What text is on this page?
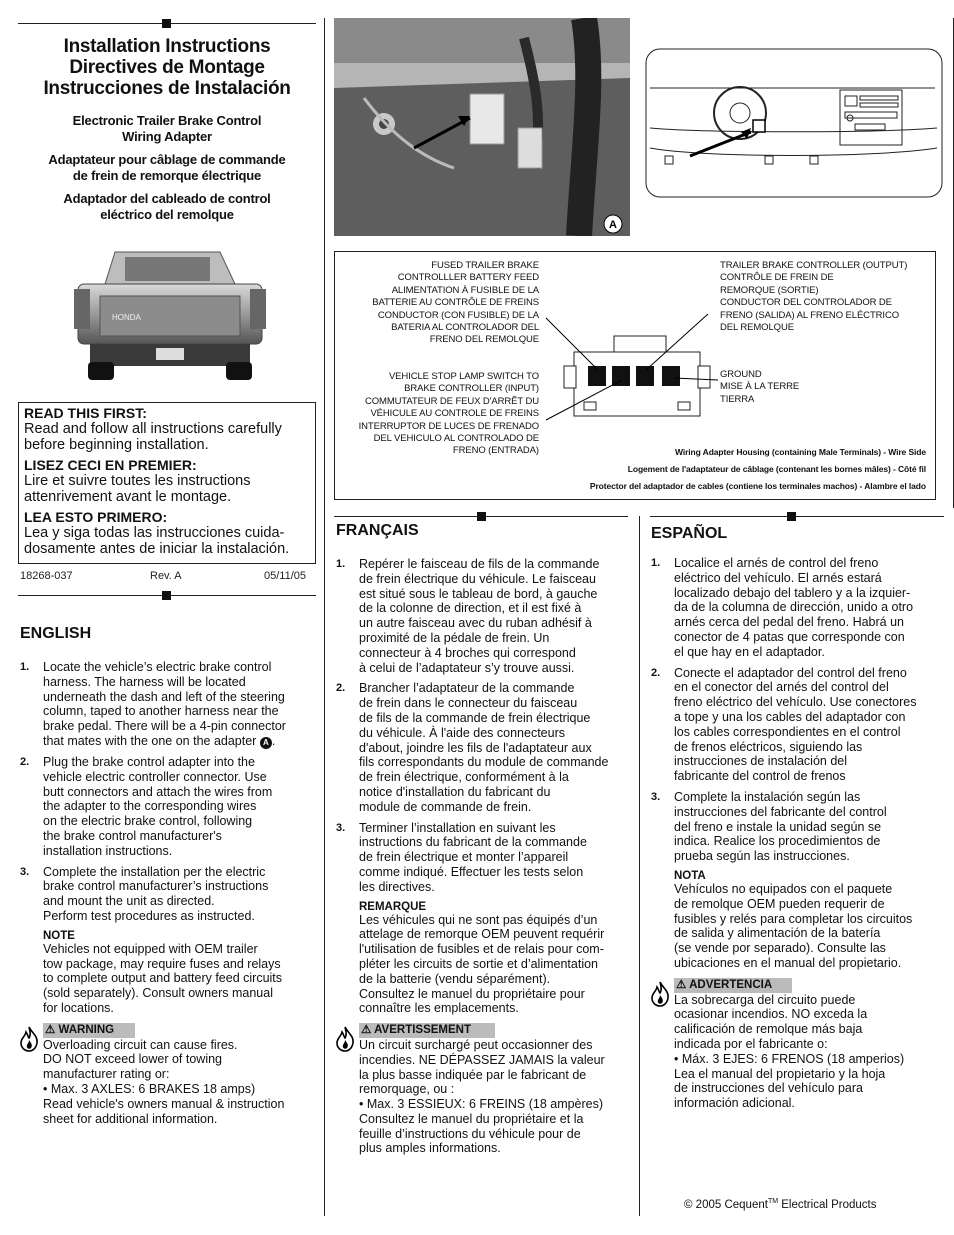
Installation Instructions
Directives de Montage
Instrucciones de Instalación
Electronic Trailer Brake Control
Wiring Adapter
Adaptateur pour câblage de commande
de frein de remorque électrique
Adaptador del cableado de control
eléctrico del remolque
HONDA
READ THIS FIRST:
Read and follow all instructions carefully
before beginning installation.
LISEZ CECI EN PREMIER:
Lire et suivre toutes les instructions
attenrivement avant le montage.
LEA ESTO PRIMERO:
Lea y siga todas las instrucciones cuida-
dosamente antes de iniciar la instalación.
18268-037	Rev. A	05/11/05
A
FUSED TRAILER BRAKE
CONTROLLLER BATTERY FEED
ALIMENTATION À FUSIBLE DE LA
BATTERIE AU CONTRÔLE DE FREINS
CONDUCTOR (CON FUSIBLE) DE LA
BATERIA AL CONTROLADOR DEL
FRENO DEL REMOLQUE
VEHICLE STOP LAMP SWITCH TO
BRAKE CONTROLLER (INPUT)
COMMUTATEUR DE FEUX D'ARRÊT DU
VÉHICULE AU CONTROLE DE FREINS
INTERRUPTOR DE LUCES DE FRENADO
DEL VEHICULO AL CONTROLADO DE
FRENO (ENTRADA)
TRAILER BRAKE CONTROLLER (OUTPUT)
CONTRÔLE DE FREIN DE
REMORQUE (SORTIE)
CONDUCTOR DEL CONTROLADOR DE
FRENO (SALIDA) AL FRENO ELÉCTRICO
DEL REMOLQUE
GROUND
MISE À LA TERRE
TIERRA
Wiring Adapter Housing (containing Male Terminals) - Wire Side
Logement de l'adaptateur de câblage (contenant les bornes mâles) - Côté fil
Protector del adaptador de cables (contiene los terminales machos) - Alambre el lado
ENGLISH
1. Locate the vehicle’s electric brake control
harness. The harness will be located
underneath the dash and left of the steering
column, taped to another harness near the
brake pedal. There will be a 4-pin connector
that mates with the one on the adapter A .
2. Plug the brake control adapter into the
vehicle electric controller connector. Use
butt connectors and attach the wires from
the adapter to the corresponding wires
on the electric brake control, following
the brake control manufacturer's
installation instructions.
3. Complete the installation per the electric
brake control manufacturer’s instructions
and mount the unit as directed.
Perform test procedures as instructed.
NOTE
Vehicles not equipped with OEM trailer
tow package, may require fuses and relays
to complete output and battery feed circuits
(sold separately). Consult owners manual
for locations.
⚠ WARNING
Overloading circuit can cause fires.
DO NOT exceed lower of towing
manufacturer rating or:
• Max. 3 AXLES: 6 BRAKES 18 amps)
Read vehicle's owners manual & instruction
sheet for additional information.
FRANÇAIS
1. Repérer le faisceau de fils de la commande
de frein électrique du véhicule. Le faisceau
est situé sous le tableau de bord, à gauche
de la colonne de direction, et il est fixé à
un autre faisceau avec du ruban adhésif à
proximité de la pédale de frein. Un
connecteur à 4 broches qui correspond
à celui de l’adaptateur s’y trouve aussi.
2. Brancher l’adaptateur de la commande
de frein dans le connecteur du faisceau
de fils de la commande de frein électrique
du véhicule. À l'aide des connecteurs
d'about, joindre les fils de l'adaptateur aux
fils correspondants du module de commande
de frein électrique, conformément à la
notice d'installation du fabricant du
module de commande de frein.
3. Terminer l’installation en suivant les
instructions du fabricant de la commande
de frein électrique et monter l’appareil
comme indiqué. Effectuer les tests selon
les directives.
REMARQUE
Les véhicules qui ne sont pas équipés d’un
attelage de remorque OEM peuvent requérir
l'utilisation de fusibles et de relais pour com-
pléter les circuits de sortie et d’alimentation
de la batterie (vendu séparément).
Consultez le manuel du propriétaire pour
connaître les emplacements.
⚠ AVERTISSEMENT
Un circuit surchargé peut occasionner des
incendies. NE DÉPASSEZ JAMAIS la valeur
la plus basse indiquée par le fabricant de
remorquage, ou :
• Max. 3 ESSIEUX: 6 FREINS (18 ampères)
Consultez le manuel du propriétaire et la
feuille d’instructions du véhicule pour de
plus amples informations.
ESPAÑOL
1. Localice el arnés de control del freno
eléctrico del vehículo. El arnés estará
localizado debajo del tablero y a la izquier-
da de la columna de dirección, unido a otro
arnés cerca del pedal del freno. Habrá un
conector de 4 patas que corresponde con
el que hay en el adaptador.
2. Conecte el adaptador del control del freno
en el conector del arnés del control del
freno eléctrico del vehículo. Use conectores
a tope y una los cables del adaptador con
los cables correspondientes en el control
de frenos eléctricos, siguiendo las
instrucciones de instalación del
fabricante del control de frenos
3. Complete la instalación según las
instrucciones del fabricante del control
del freno e instale la unidad según se
indica. Realice los procedimientos de
prueba según las instrucciones.
NOTA
Vehículos no equipados con el paquete
de remolque OEM pueden requerir de
fusibles y relés para completar los circuitos
de salida y alimentación de la batería
(se vende por separado). Consulte las
ubicaciones en el manual del propietario.
⚠ ADVERTENCIA
La sobrecarga del circuito puede
ocasionar incendios. NO exceda la
calificación de remolque más baja
indicada por el fabricante o:
• Máx. 3 EJES: 6 FRENOS (18 amperios)
Lea el manual del propietario y la hoja
de instrucciones del vehículo para
información adicional.
© 2005 Cequent™ Electrical Products
